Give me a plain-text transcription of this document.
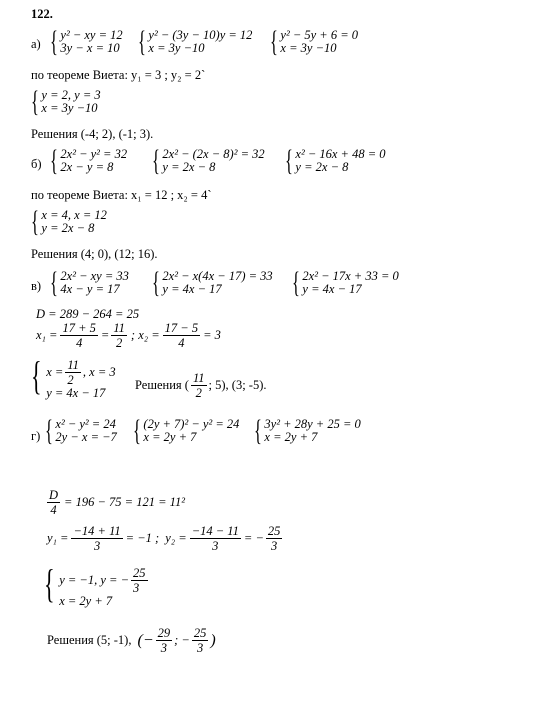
122.
а) { y² − xy = 12
3y − x = 10 { y² − (3y − 10)y = 12
x = 3y −10	{ y² − 5y + 6 = 0
x = 3y −10
по теореме Виета: y₁ = 3 ; y₂ = 2`
{ y = 2, y = 3
x = 3y −10
Решения (-4; 2), (-1; 3).
б) { 2x² − y² = 32
2x − y = 8	{ 2x² − (2x − 8)² = 32
y = 2x − 8	{ x² − 16x + 48 = 0
y = 2x − 8
по теореме Виета: x₁ = 12 ; x₂ = 4`
{ x = 4, x = 12
y = 2x − 8
Решения (4; 0), (12; 16).
в) { 2x² − xy = 33
4x − y = 17	{ 2x² − x(4x − 17) = 33
y = 4x − 17	{ 2x² − 17x + 33 = 0
y = 4x − 17
D = 289 − 264 = 25
$x_1 = \frac{17 + 5}{4} = \frac{11}{2}$ ; $x_2 = \frac{17 - 5}{4} = 3$
{ $x = \frac{11}{2}$ , x = 3
y = 4x − 17
Решения ( $\frac{11}{2}$ ; 5), (3; -5).
г) { x² − y² = 24
2y − x = −7 { (2y + 7)² − y² = 24
x = 2y + 7	{ 3y² + 28y + 25 = 0
x = 2y + 7
$\frac{D}{4} = 196 - 75 = 121 = 11^2$
$y_1 = \frac{-14 + 11}{3} = -1$ ; $y_2 = \frac{-14 - 11}{3}$ = − $\frac{25}{3}$
{ y = −1, y = − $\frac{25}{3}$
x = 2y + 7
Решения (5; -1), (− $\frac{29}{3}$ ; − $\frac{25}{3}$ )
